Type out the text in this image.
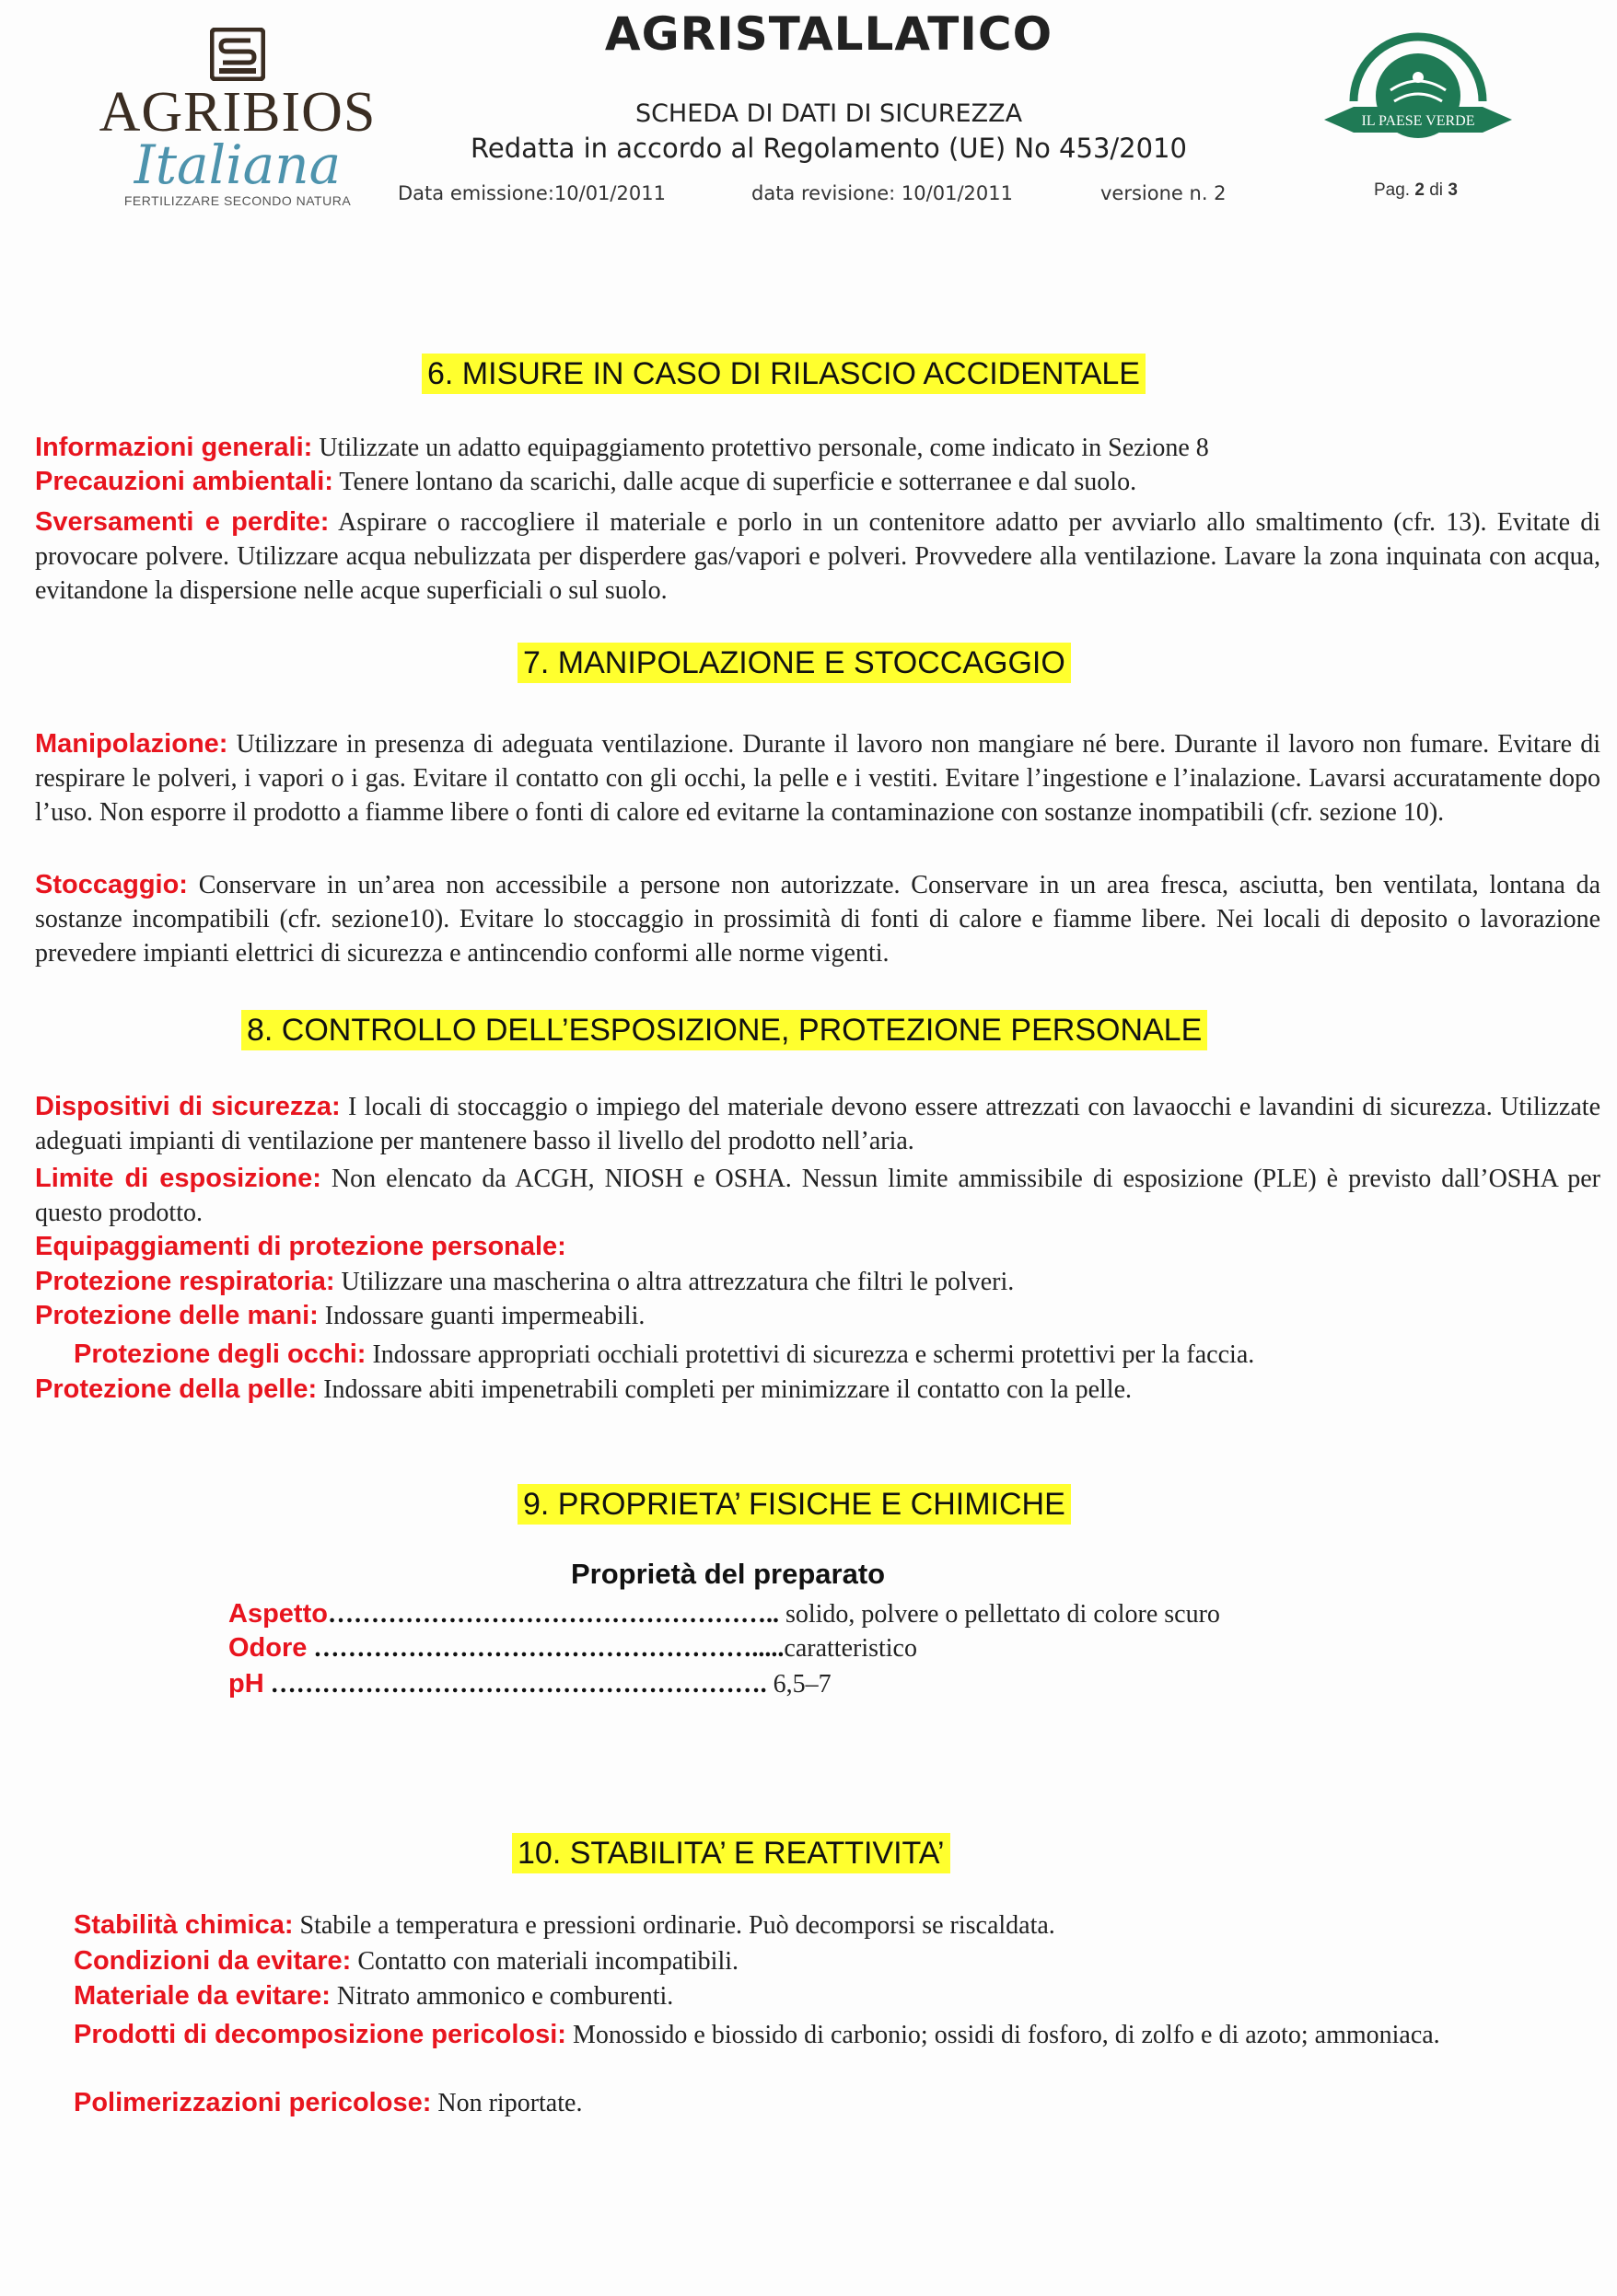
AGRIBIOS
Italiana
FERTILIZZARE SECONDO NATURA
AGRISTALLATICO
SCHEDA DI DATI DI SICUREZZA
Redatta in accordo al Regolamento (UE) No 453/2010
Data emissione:10/01/2011	data revisione: 10/01/2011	versione n. 2	Pag. 2 di 3
IL PAESE VERDE
6. MISURE IN CASO DI RILASCIO ACCIDENTALE
Informazioni generali: Utilizzate un adatto equipaggiamento protettivo personale, come indicato in Sezione 8
Precauzioni ambientali: Tenere lontano da scarichi, dalle acque di superficie e sotterranee e dal suolo.
Sversamenti e perdite: Aspirare o raccogliere il materiale e porlo in un contenitore adatto per avviarlo allo smaltimento (cfr. 13). Evitate di provocare polvere. Utilizzare acqua nebulizzata per disperdere gas/vapori e polveri. Provvedere alla ventilazione. Lavare la zona inquinata con acqua, evitandone la dispersione nelle acque superficiali o sul suolo.
7. MANIPOLAZIONE E STOCCAGGIO
Manipolazione: Utilizzare in presenza di adeguata ventilazione. Durante il lavoro non mangiare né bere. Durante il lavoro non fumare. Evitare di respirare le polveri, i vapori o i gas. Evitare il contatto con gli occhi, la pelle e i vestiti. Evitare l’ingestione e l’inalazione. Lavarsi accuratamente dopo l’uso. Non esporre il prodotto a fiamme libere o fonti di calore ed evitarne la contaminazione con sostanze inompatibili (cfr. sezione 10).
Stoccaggio: Conservare in un’area non accessibile a persone non autorizzate. Conservare in un area fresca, asciutta, ben ventilata, lontana da sostanze incompatibili (cfr. sezione10). Evitare lo stoccaggio in prossimità di fonti di calore e fiamme libere. Nei locali di deposito o lavorazione prevedere impianti elettrici di sicurezza e antincendio conformi alle norme vigenti.
8. CONTROLLO DELL’ESPOSIZIONE, PROTEZIONE PERSONALE
Dispositivi di sicurezza: I locali di stoccaggio o impiego del materiale devono essere attrezzati con lavaocchi e lavandini di sicurezza. Utilizzate adeguati impianti di ventilazione per mantenere basso il livello del prodotto nell’aria.
Limite di esposizione: Non elencato da ACGH, NIOSH e OSHA. Nessun limite ammissibile di esposizione (PLE) è previsto dall’OSHA per questo prodotto.
Equipaggiamenti di protezione personale:
Protezione respiratoria: Utilizzare una mascherina o altra attrezzatura che filtri le polveri.
Protezione delle mani: Indossare guanti impermeabili.
Protezione degli occhi: Indossare appropriati occhiali protettivi di sicurezza e schermi protettivi per la faccia.
Protezione della pelle: Indossare abiti impenetrabili completi per minimizzare il contatto con la pelle.
9. PROPRIETA’ FISICHE E CHIMICHE
Proprietà del preparato
Aspetto…………………………………………….. solido, polvere o pellettato di colore scuro
Odore …………………………………………….....caratteristico
pH …………………………………………………. 6,5–7
10. STABILITA’ E REATTIVITA’
Stabilità chimica: Stabile a temperatura e pressioni ordinarie. Può decomporsi se riscaldata.
Condizioni da evitare: Contatto con materiali incompatibili.
Materiale da evitare: Nitrato ammonico e comburenti.
Prodotti di decomposizione pericolosi: Monossido e biossido di carbonio; ossidi di fosforo, di zolfo e di azoto; ammoniaca.
Polimerizzazioni pericolose: Non riportate.
